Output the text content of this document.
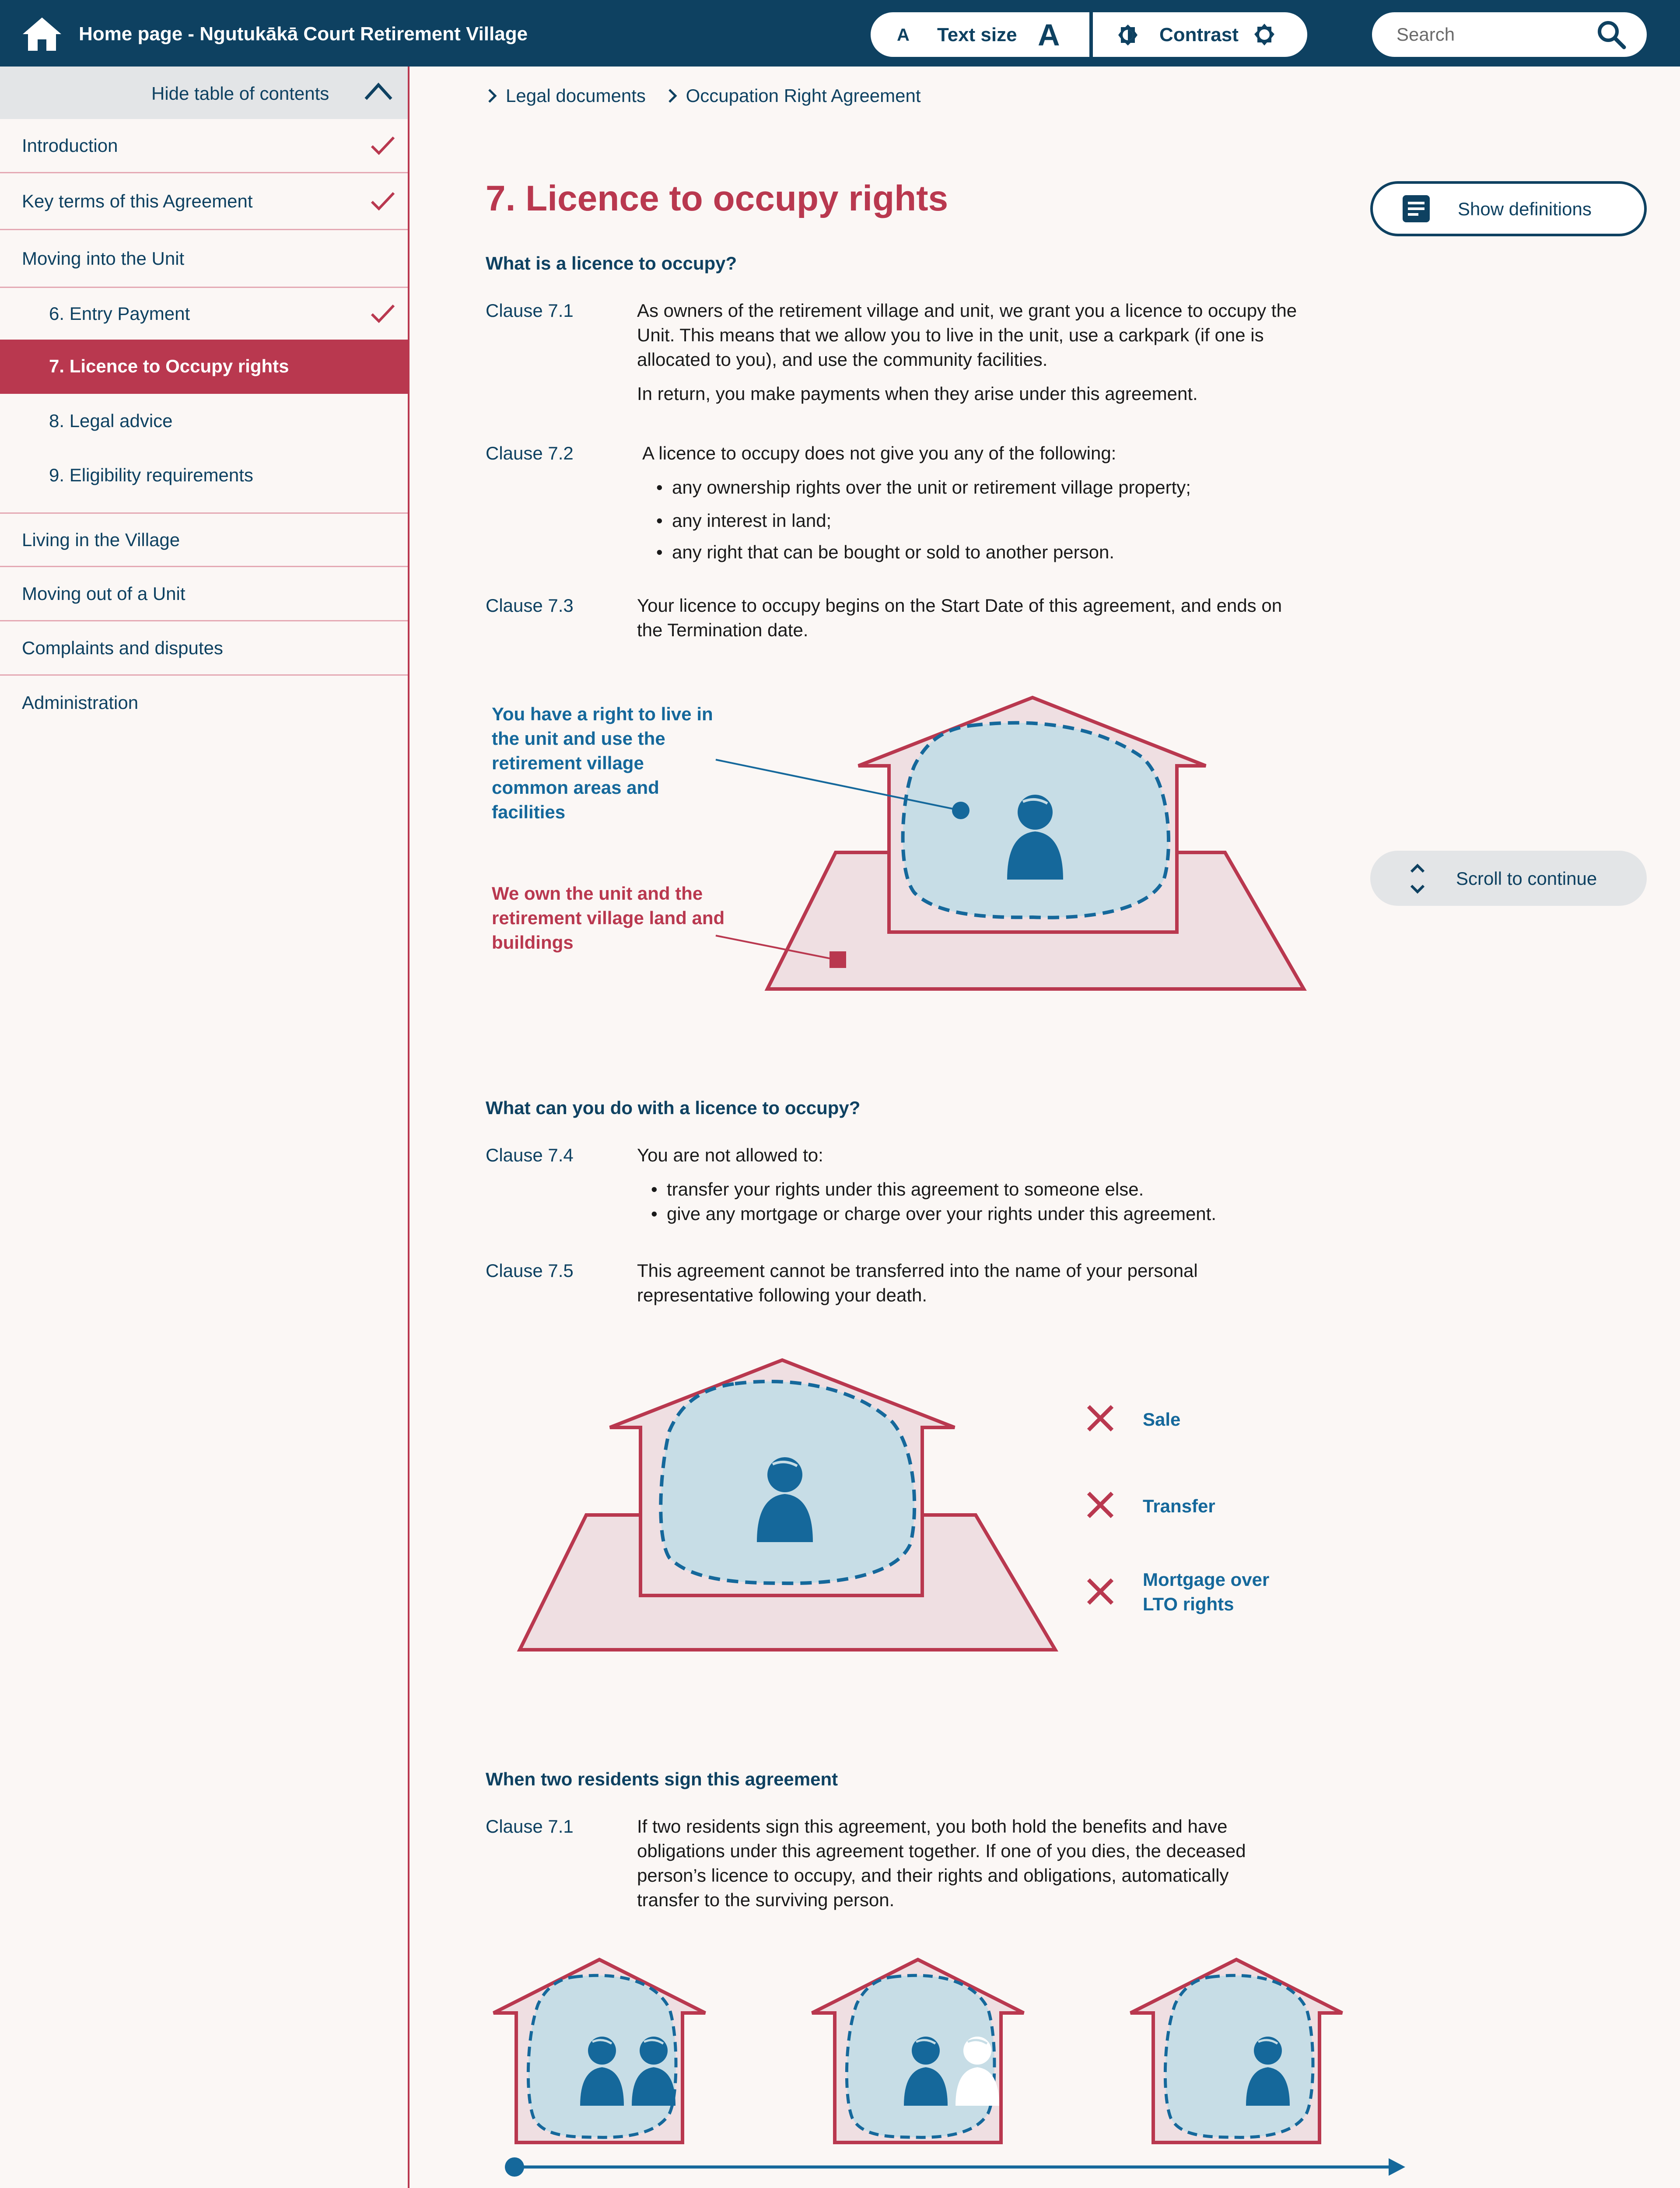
Home page - Ngutukākā Court Retirement Village	A Text size A	Contrast
Search
Hide table of contents
Introduction
Key terms of this Agreement
Moving into the Unit
6. Entry Payment
7. Licence to Occupy rights
8. Legal advice
9. Eligibility requirements
Living in the Village
Moving out of a Unit
Complaints and disputes
Administration
Legal documents Occupation Right Agreement
7. Licence to occupy rights	Show definitions
Scroll to continue
What is a licence to occupy?
Clause 7.1	As owners of the retirement village and unit, we grant you a licence to occupy the Unit. This means that we allow you to live in the unit, use a carkpark (if one is allocated to you), and use the community facilities.

In return, you make payments when they arise under this agreement.

Clause 7.2	A licence to occupy does not give you any of the following:

• any ownership rights over the unit or retirement village property;
• any interest in land;
• any right that can be bought or sold to another person.
Clause 7.3	Your licence to occupy begins on the Start Date of this agreement, and ends on the Termination date.

You have a right to live in the unit and use the retirement village common areas and facilities
We own the unit and the retirement village land and buildings
What can you do with a licence to occupy?
Clause 7.4	You are not allowed to:

• transfer your rights under this agreement to someone else.
• give any mortgage or charge over your rights under this agreement.
Clause 7.5	This agreement cannot be transferred into the name of your personal representative following your death.

Sale
Transfer
Mortgage over LTO rights
When two residents sign this agreement
Clause 7.1	If two residents sign this agreement, you both hold the benefits and have obligations under this agreement together. If one of you dies, the deceased person’s licence to occupy, and their rights and obligations, automatically transfer to the surviving person.
